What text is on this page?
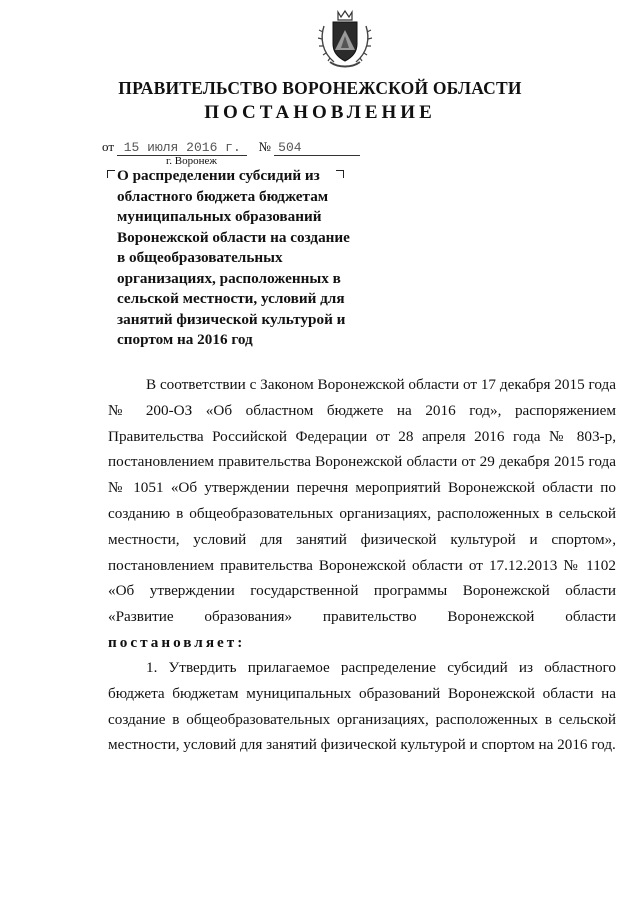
ПРАВИТЕЛЬСТВО ВОРОНЕЖСКОЙ ОБЛАСТИ
ПОСТАНОВЛЕНИЕ
от 15 июля 2016 г. № 504
г. Воронеж
О распределении субсидий из областного бюджета бюджетам муниципальных образований Воронежской области на создание в общеобразовательных организациях, расположенных в сельской местности, условий для занятий физической культурой и спортом на 2016 год
В соответствии с Законом Воронежской области от 17 декабря 2015 года № 200-ОЗ «Об областном бюджете на 2016 год», распоряжением Правительства Российской Федерации от 28 апреля 2016 года № 803-р, постановлением правительства Воронежской области от 29 декабря 2015 года № 1051 «Об утверждении перечня мероприятий Воронежской области по созданию в общеобразовательных организациях, расположенных в сельской местности, условий для занятий физической культурой и спортом», постановлением правительства Воронежской области от 17.12.2013 № 1102 «Об утверждении государственной программы Воронежской области «Развитие образования» правительство Воронежской области постановляет:
1. Утвердить прилагаемое распределение субсидий из областного бюджета бюджетам муниципальных образований Воронежской области на создание в общеобразовательных организациях, расположенных в сельской местности, условий для занятий физической культурой и спортом на 2016 год.
